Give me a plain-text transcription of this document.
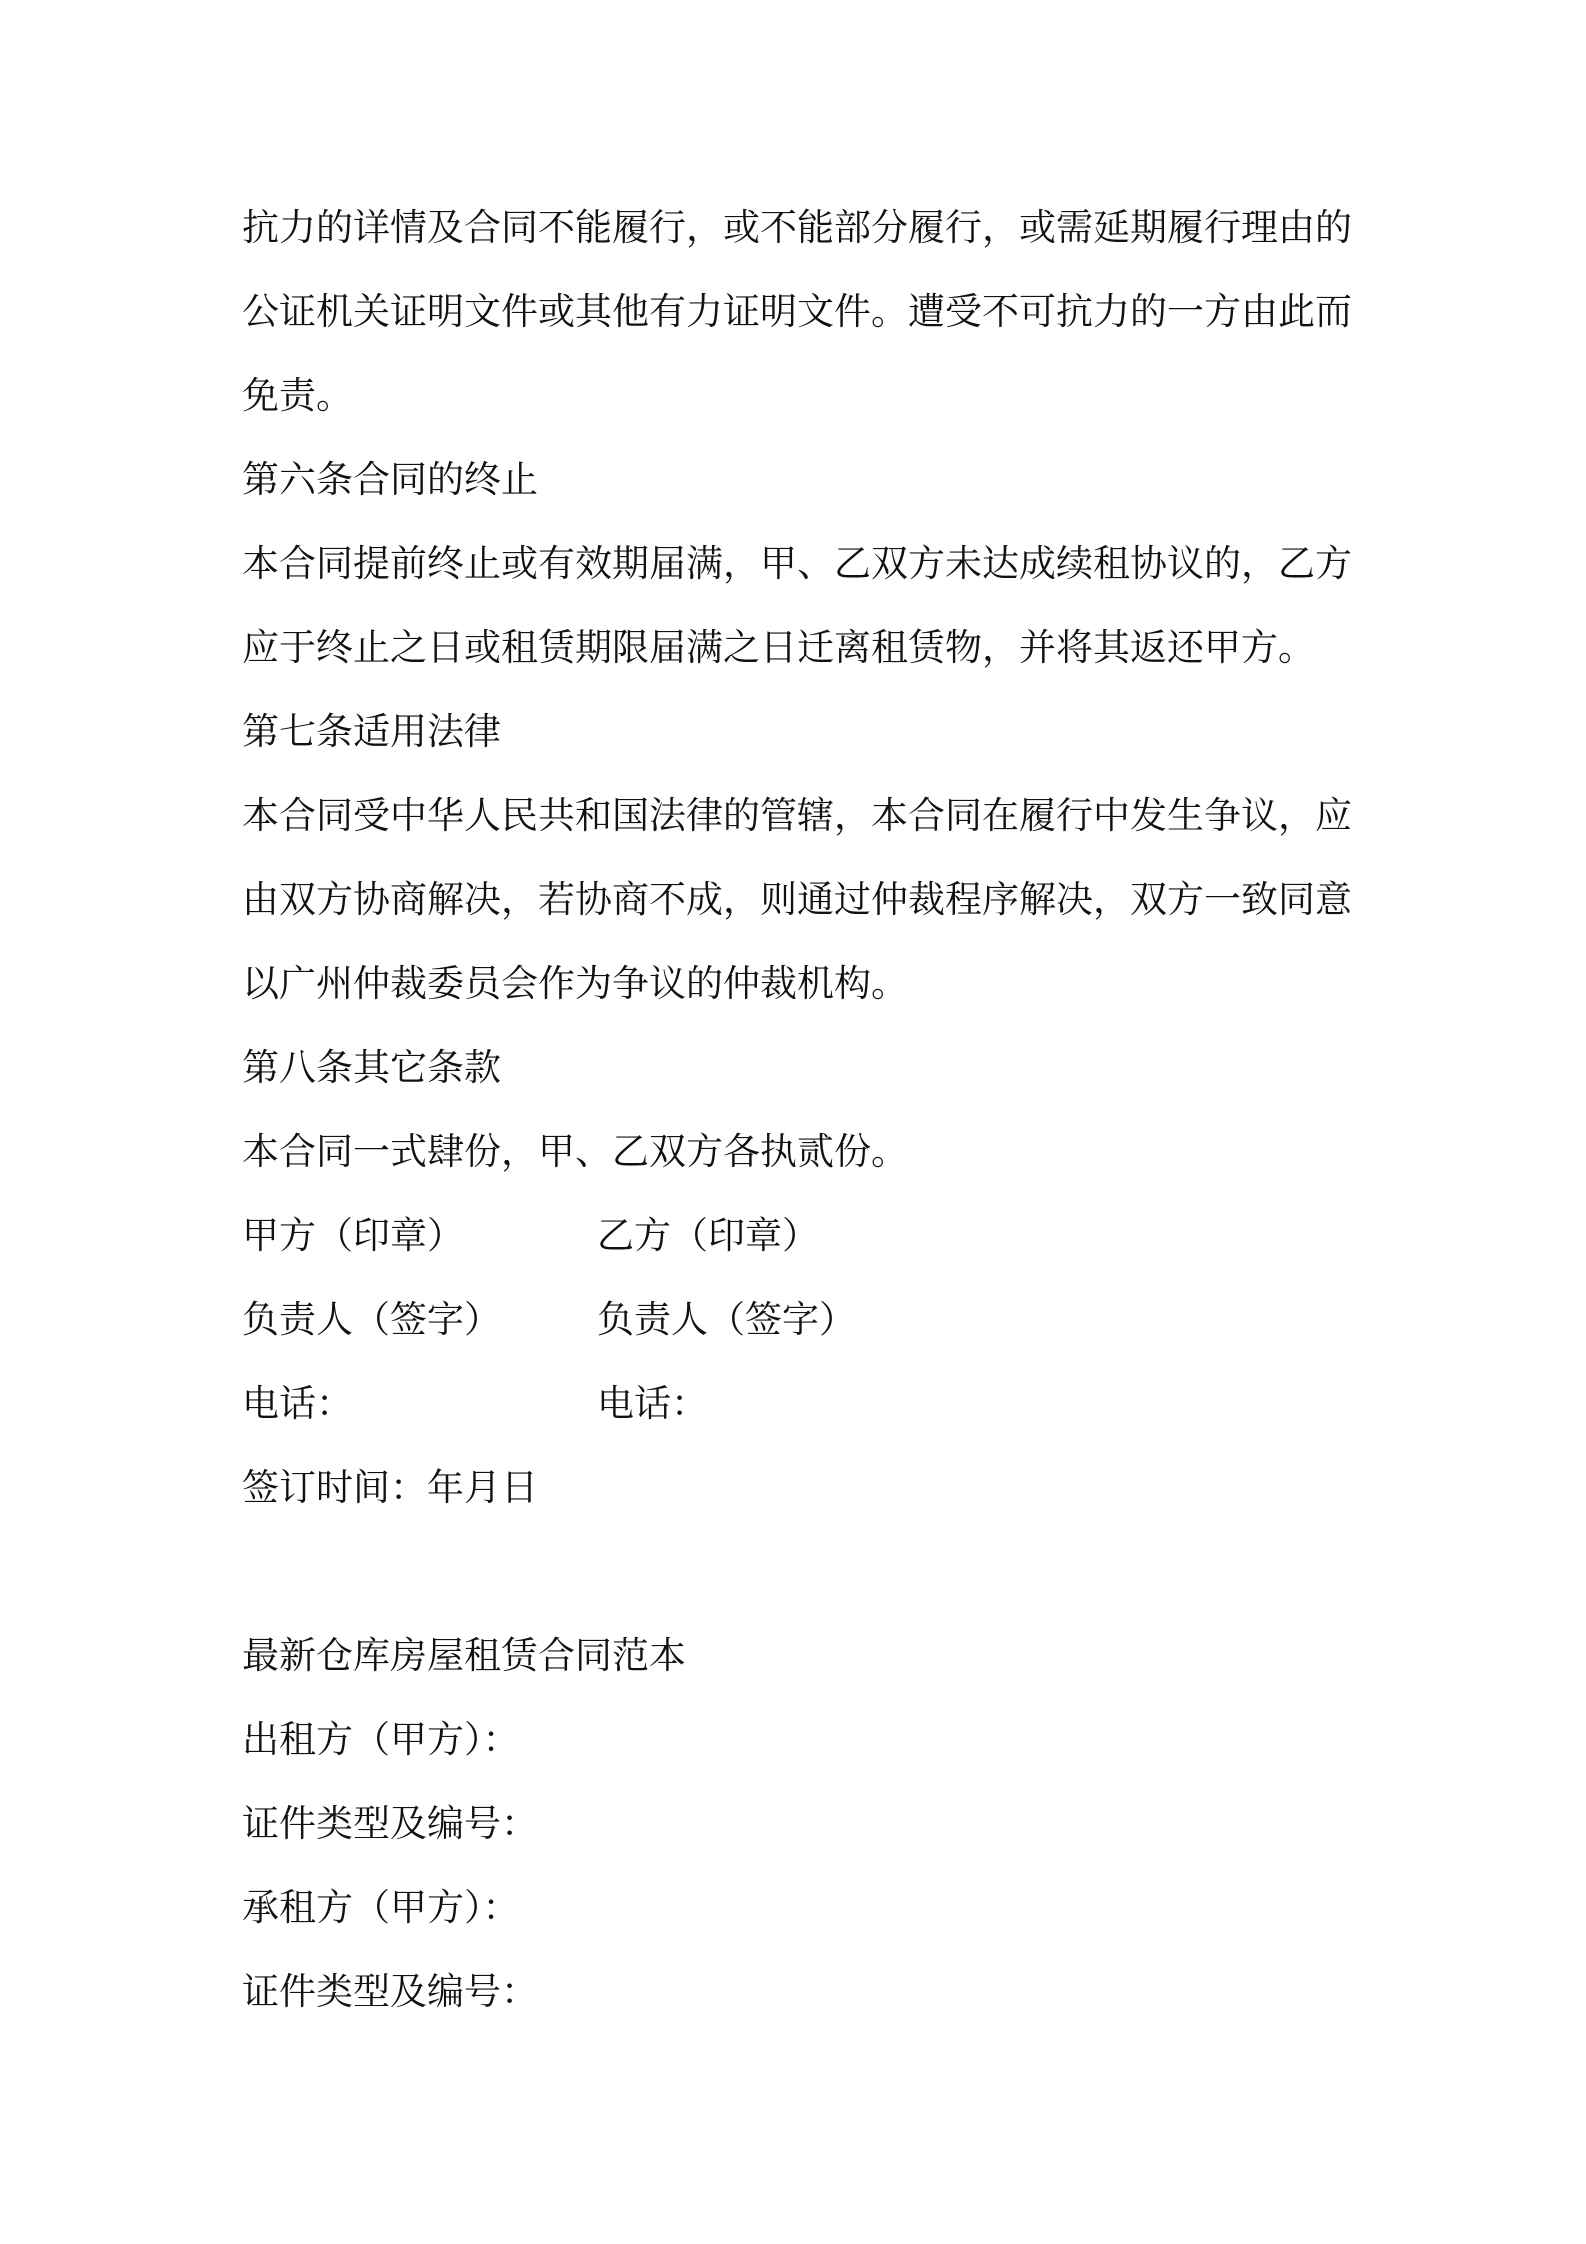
抗力的详情及合同不能履行，或不能部分履行，或需延期履行理由的
公证机关证明文件或其他有力证明文件。遭受不可抗力的一方由此而
免责。
第六条合同的终止
本合同提前终止或有效期届满，甲、乙双方未达成续租协议的，乙方
应于终止之日或租赁期限届满之日迁离租赁物，并将其返还甲方。
第七条适用法律
本合同受中华人民共和国法律的管辖，本合同在履行中发生争议，应
由双方协商解决，若协商不成，则通过仲裁程序解决，双方一致同意
以广州仲裁委员会作为争议的仲裁机构。
第八条其它条款
本合同一式肆份，甲、乙双方各执贰份。
甲方（印章）	乙方（印章）
负责人（签字）	负责人（签字）
电话：	电话：
签订时间：年月日
最新仓库房屋租赁合同范本
出租方（甲方）：
证件类型及编号：
承租方（甲方）：
证件类型及编号：
